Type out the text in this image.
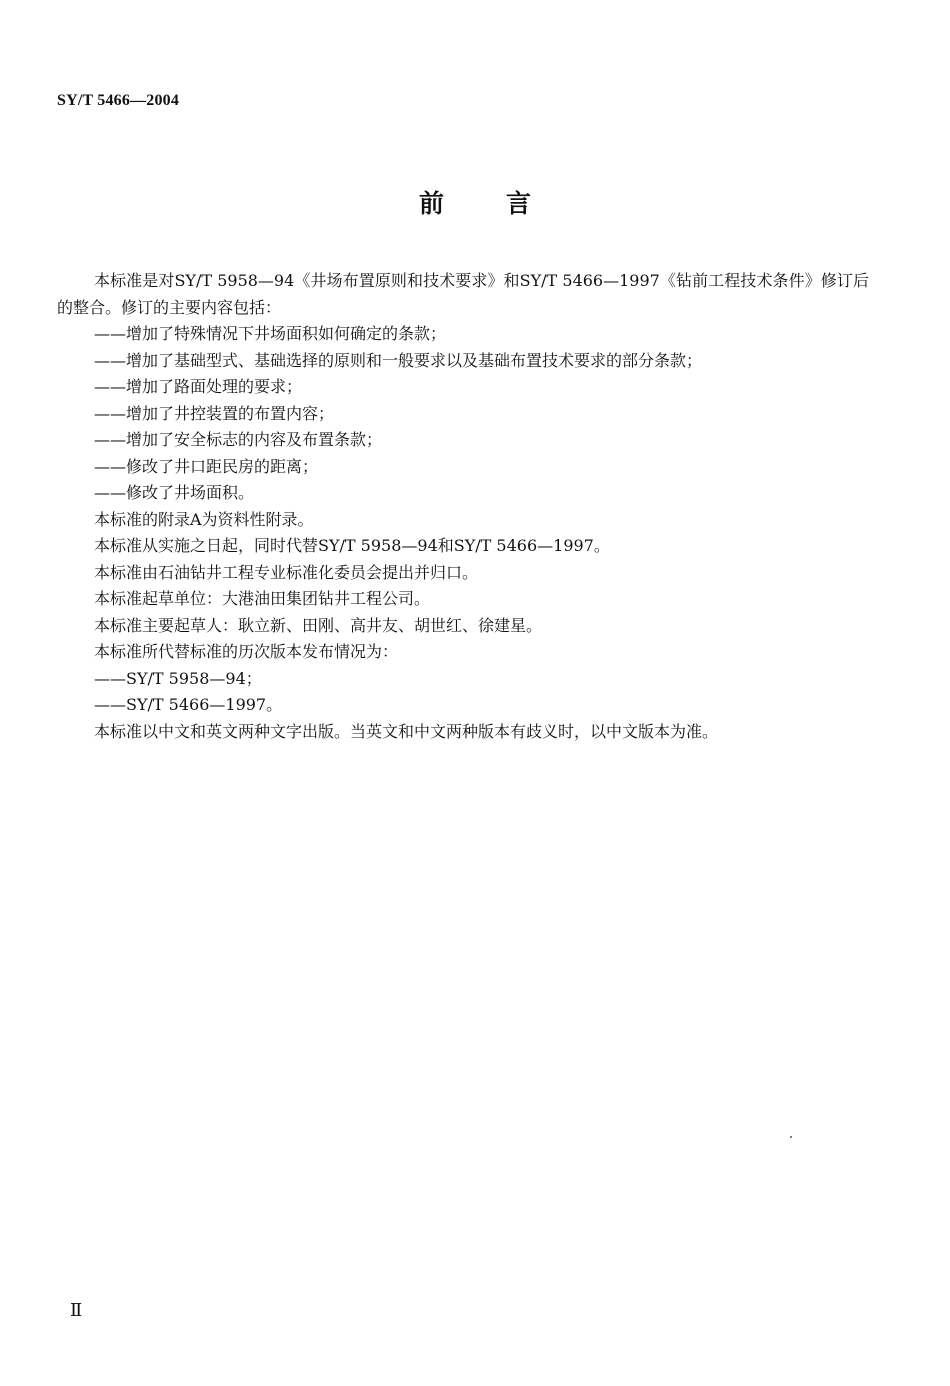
SY/T 5466—2004
前言

本标准是对SY/T 5958—94《井场布置原则和技术要求》和SY/T 5466—1997《钻前工程技术条件》修订后的整合。修订的主要内容包括：

——增加了特殊情况下井场面积如何确定的条款；

——增加了基础型式、基础选择的原则和一般要求以及基础布置技术要求的部分条款；

——增加了路面处理的要求；

——增加了井控装置的布置内容；

——增加了安全标志的内容及布置条款；

——修改了井口距民房的距离；

——修改了井场面积。

本标准的附录A为资料性附录。

本标准从实施之日起，同时代替SY/T 5958—94和SY/T 5466—1997。

本标准由石油钻井工程专业标准化委员会提出并归口。

本标准起草单位：大港油田集团钻井工程公司。

本标准主要起草人：耿立新、田刚、高井友、胡世红、徐建星。

本标准所代替标准的历次版本发布情况为：

——SY/T 5958—94；

——SY/T 5466—1997。

本标准以中文和英文两种文字出版。当英文和中文两种版本有歧义时，以中文版本为准。

Ⅱ
